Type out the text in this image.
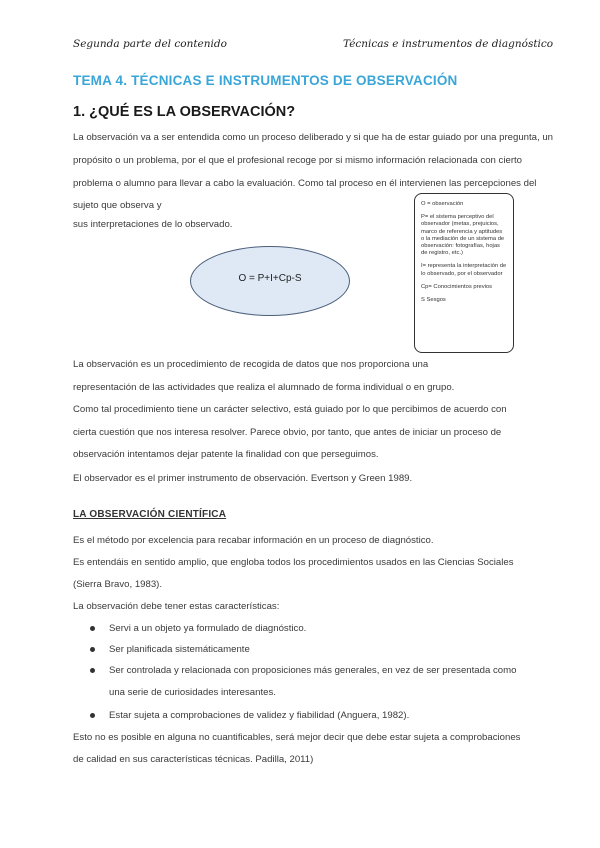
Segunda parte del contenido	Técnicas e instrumentos de diagnóstico
TEMA 4. TÉCNICAS E INSTRUMENTOS DE OBSERVACIÓN
1. ¿QUÉ ES LA OBSERVACIÓN?
La observación va a ser entendida como un proceso deliberado y si que ha de estar guiado por una pregunta, un
propósito o un problema, por el que el profesional recoge por si mismo información relacionada con cierto
problema o alumno para llevar a cabo la evaluación. Como tal proceso en él intervienen las percepciones del
sujeto que observa y
sus interpretaciones de lo observado.
O = P+I+Cp-S
O = observación
P= el sistema perceptivo del observador (metas, prejuicios, marco de referencia y aptitudes o la mediación de un sistema de observación: fotografías, hojas de registro, etc.)
I= representa la interpretación de lo observado, por el observador
Cp= Conocimientos previos
S Sesgos
La observación es un procedimiento de recogida de datos que nos proporciona una
representación de las actividades que realiza el alumnado de forma individual o en grupo.
Como tal procedimiento tiene un carácter selectivo, está guiado por lo que percibimos de acuerdo con
cierta cuestión que nos interesa resolver. Parece obvio, por tanto, que antes de iniciar un proceso de
observación intentamos dejar patente la finalidad con que perseguimos.
El observador es el primer instrumento de observación. Evertson y Green 1989.
LA OBSERVACIÓN CIENTÍFICA
Es el método por excelencia para recabar información en un proceso de diagnóstico.
Es entendáis en sentido amplio, que engloba todos los procedimientos usados en las Ciencias Sociales
(Sierra Bravo, 1983).
La observación debe tener estas características:
Servi a un objeto ya formulado de diagnóstico.
Ser planificada sistemáticamente
Ser controlada y relacionada con proposiciones más generales, en vez de ser presentada como
una serie de curiosidades interesantes.
Estar sujeta a comprobaciones de validez y fiabilidad (Anguera, 1982).
Esto no es posible en alguna no cuantificables, será mejor decir que debe estar sujeta a comprobaciones
de calidad en sus características técnicas. Padilla, 2011)
